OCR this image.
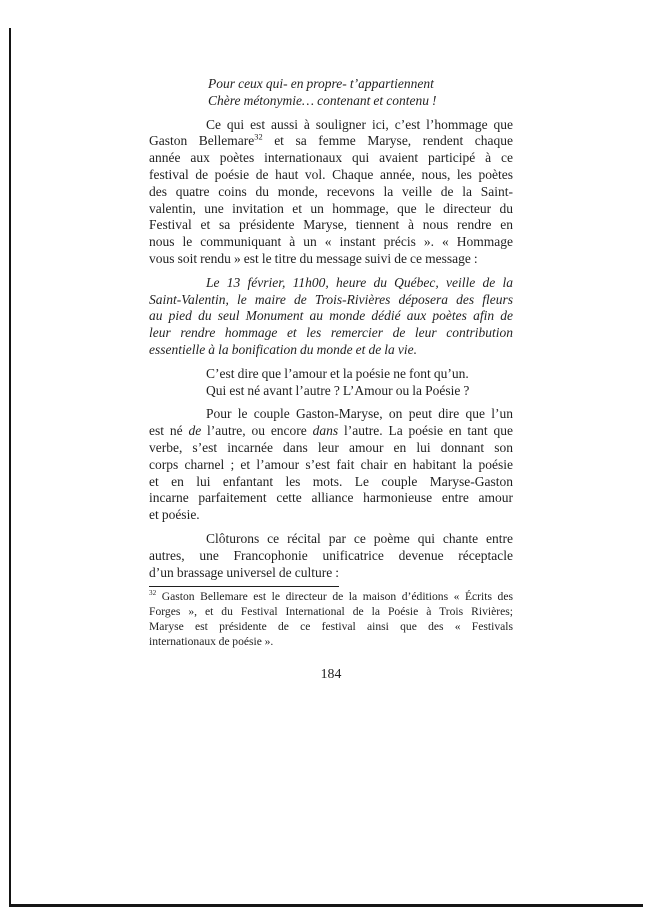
Pour ceux qui- en propre- t’appartiennent
Chère métonymie… contenant et contenu !
Ce qui est aussi à souligner ici, c’est l’hommage que
Gaston Bellemare$^{32}$ et sa femme Maryse, rendent chaque
année aux poètes internationaux qui avaient participé à ce
festival de poésie de haut vol. Chaque année, nous, les poètes
des quatre coins du monde, recevons la veille de la Saint-
valentin, une invitation et un hommage, que le directeur du
Festival et sa présidente Maryse, tiennent à nous rendre en
nous le communiquant à un « instant précis ». « Hommage
vous soit rendu » est le titre du message suivi de ce message :
Le 13 février, 11h00, heure du Québec, veille de la
Saint-Valentin, le maire de Trois-Rivières déposera des fleurs
au pied du seul Monument au monde dédié aux poètes afin de
leur rendre hommage et les remercier de leur contribution
essentielle à la bonification du monde et de la vie.
C’est dire que l’amour et la poésie ne font qu’un.
Qui est né avant l’autre ? L’Amour ou la Poésie ?
Pour le couple Gaston-Maryse, on peut dire que l’un
est né de l’autre, ou encore dans l’autre. La poésie en tant que
verbe, s’est incarnée dans leur amour en lui donnant son
corps charnel ; et l’amour s’est fait chair en habitant la poésie
et en lui enfantant les mots. Le couple Maryse-Gaston
incarne parfaitement cette alliance harmonieuse entre amour
et poésie.
Clôturons ce récital par ce poème qui chante entre
autres, une Francophonie unificatrice devenue réceptacle
d’un brassage universel de culture :
$^{32}$ Gaston Bellemare est le directeur de la maison d’éditions « Écrits des
Forges », et du Festival International de la Poésie à Trois Rivières;
Maryse est présidente de ce festival ainsi que des « Festivals
internationaux de poésie ».
184
